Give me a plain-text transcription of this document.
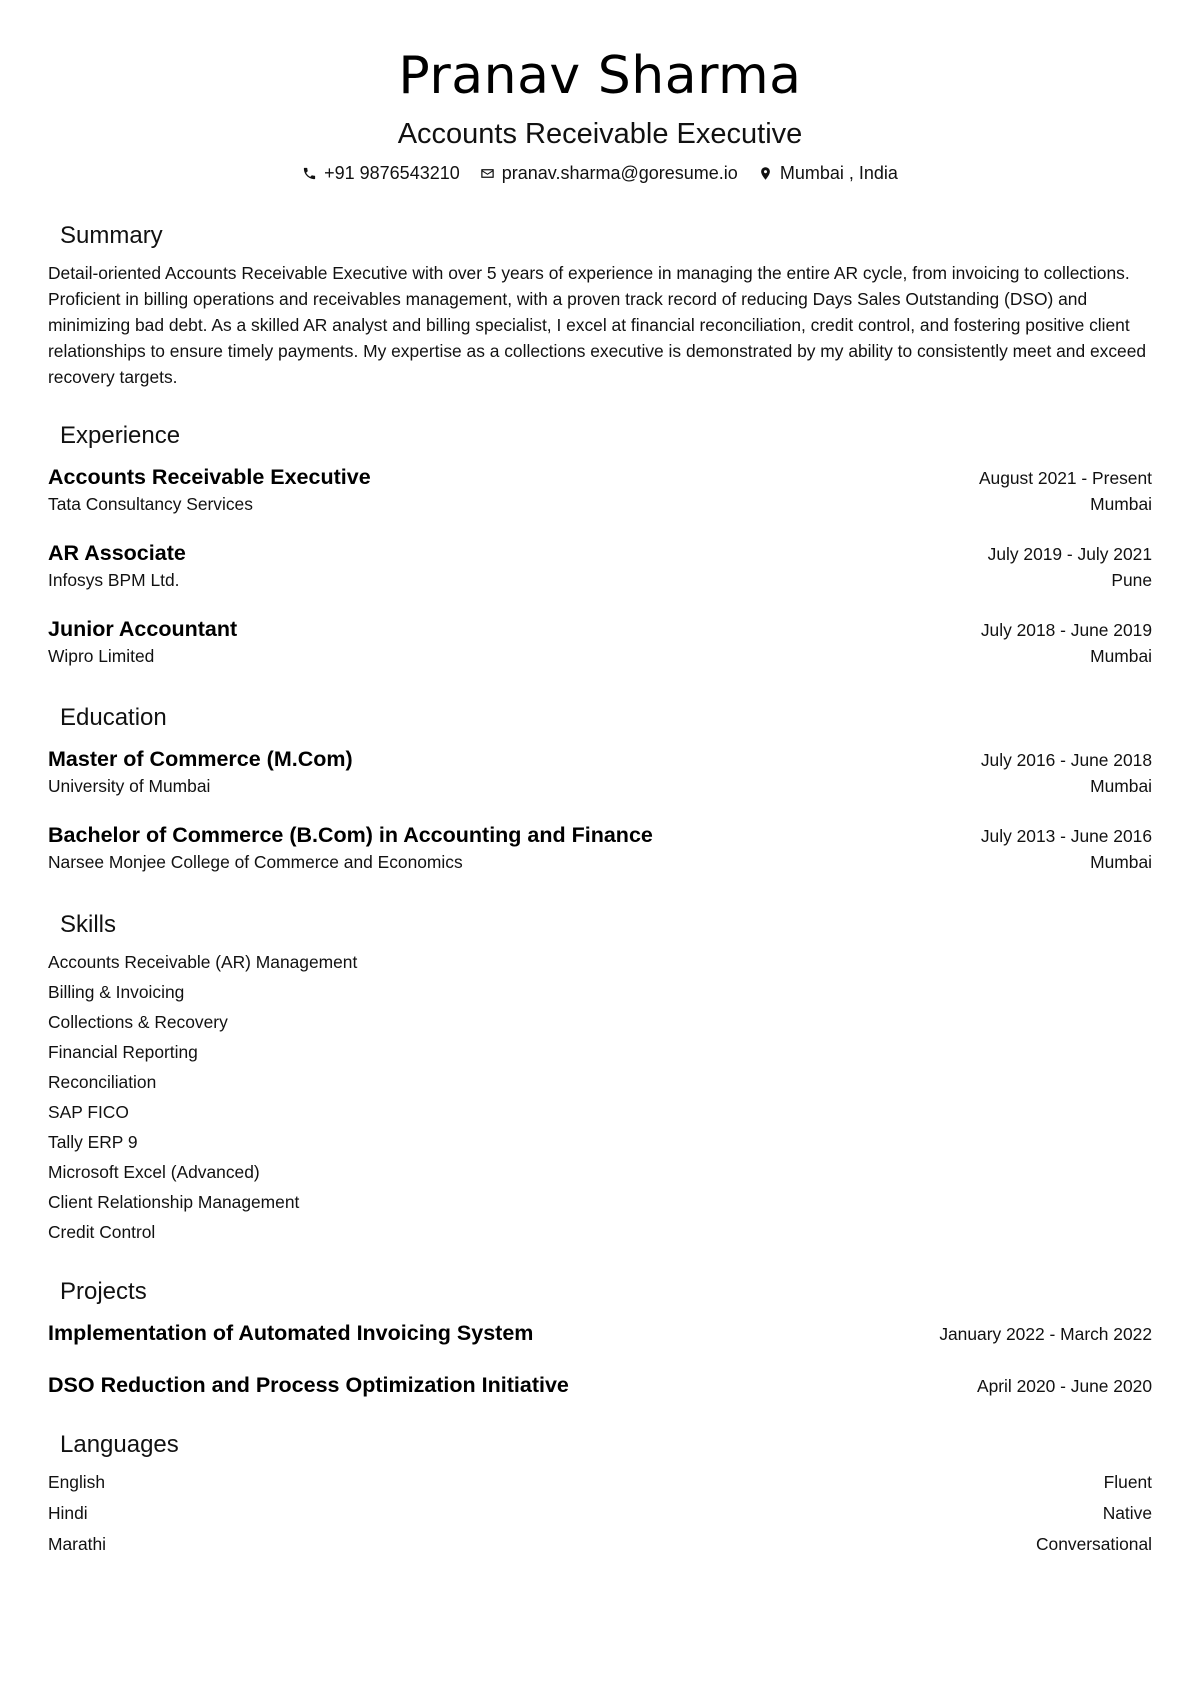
Pranav Sharma
Accounts Receivable Executive
+91 9876543210 pranav.sharma@goresume.io Mumbai , India
Summary
Detail-oriented Accounts Receivable Executive with over 5 years of experience in managing the entire AR cycle, from invoicing to collections. Proficient in billing operations and receivables management, with a proven track record of reducing Days Sales Outstanding (DSO) and minimizing bad debt. As a skilled AR analyst and billing specialist, I excel at financial reconciliation, credit control, and fostering positive client relationships to ensure timely payments. My expertise as a collections executive is demonstrated by my ability to consistently meet and exceed recovery targets.
Experience
Accounts Receivable Executive	August 2021 - Present
Tata Consultancy Services	Mumbai
AR Associate	July 2019 - July 2021
Infosys BPM Ltd.	Pune
Junior Accountant	July 2018 - June 2019
Wipro Limited	Mumbai
Education
Master of Commerce (M.Com)	July 2016 - June 2018
University of Mumbai	Mumbai
Bachelor of Commerce (B.Com) in Accounting and Finance	July 2013 - June 2016
Narsee Monjee College of Commerce and Economics	Mumbai
Skills
Accounts Receivable (AR) Management
Billing & Invoicing
Collections & Recovery
Financial Reporting
Reconciliation
SAP FICO
Tally ERP 9
Microsoft Excel (Advanced)
Client Relationship Management
Credit Control
Projects
Implementation of Automated Invoicing System	January 2022 - March 2022
DSO Reduction and Process Optimization Initiative	April 2020 - June 2020
Languages
English	Fluent
Hindi	Native
Marathi	Conversational
